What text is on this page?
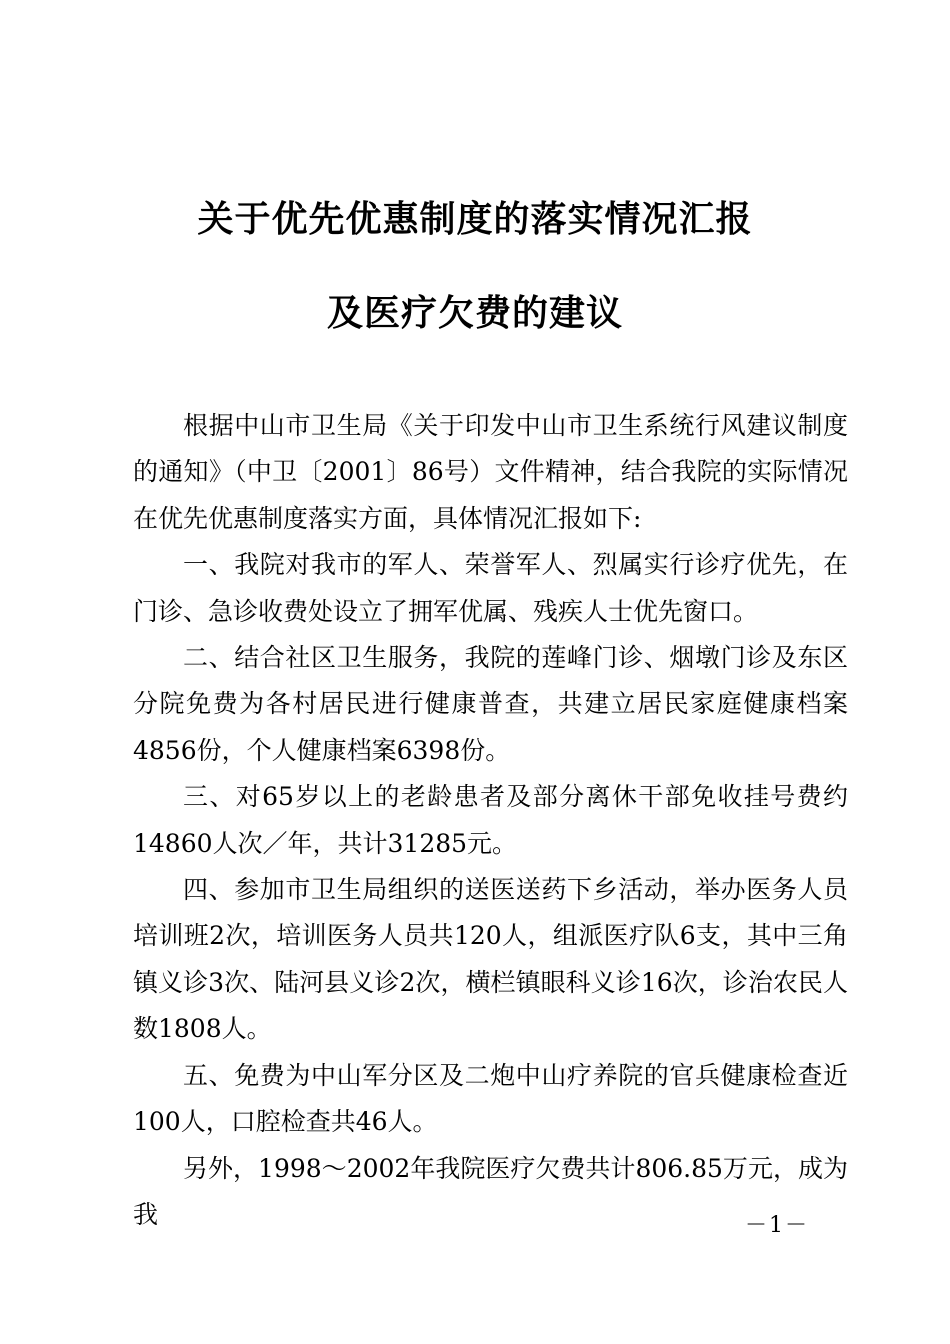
关于优先优惠制度的落实情况汇报
及医疗欠费的建议

根据中山市卫生局《关于印发中山市卫生系统行风建议制度的通知》（中卫〔2001〕86号）文件精神，结合我院的实际情况在优先优惠制度落实方面，具体情况汇报如下:

一、我院对我市的军人、荣誉军人、烈属实行诊疗优先，在门诊、急诊收费处设立了拥军优属、残疾人士优先窗口。

二、结合社区卫生服务，我院的莲峰门诊、烟墩门诊及东区分院免费为各村居民进行健康普查，共建立居民家庭健康档案4856份，个人健康档案6398份。

三、对65岁以上的老龄患者及部分离休干部免收挂号费约14860人次／年，共计31285元。

四、参加市卫生局组织的送医送药下乡活动，举办医务人员培训班2次，培训医务人员共120人，组派医疗队6支，其中三角镇义诊3次、陆河县义诊2次，横栏镇眼科义诊16次，诊治农民人数1808人。

五、免费为中山军分区及二炮中山疗养院的官兵健康检查近100人，口腔检查共46人。

另外，1998～2002年我院医疗欠费共计806.85万元，成为我	－1－
